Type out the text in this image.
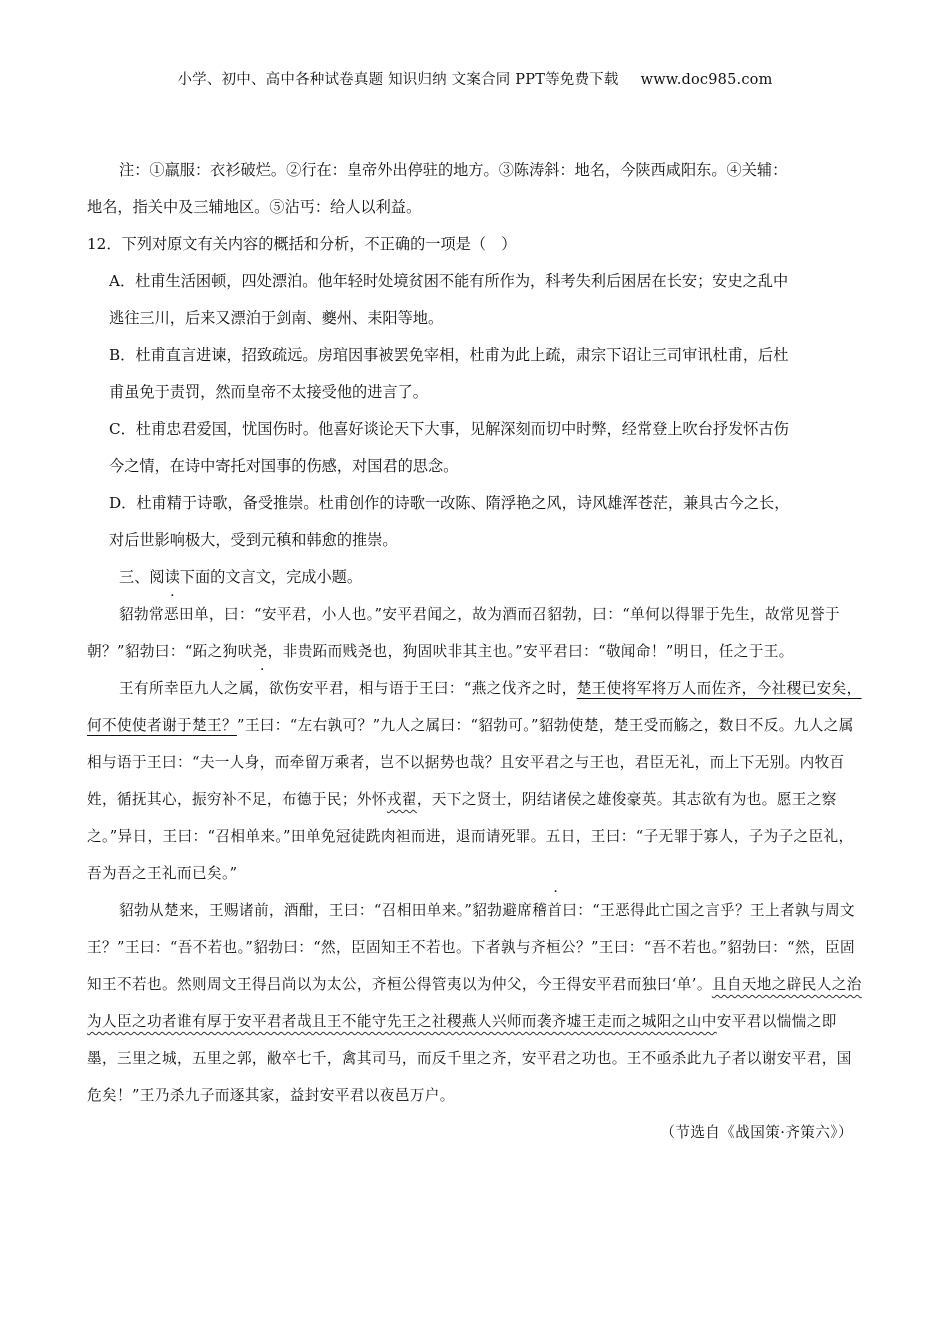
小学、初中、高中各种试卷真题 知识归纳 文案合同 PPT等免费下载 www.doc985.com

注：①羸服：衣衫破烂。②行在：皇帝外出停驻的地方。③陈涛斜：地名，今陕西咸阳东。④关辅：

地名，指关中及三辅地区。⑤沾丐：给人以利益。

12．下列对原文有关内容的概括和分析，不正确的一项是（　）

A．杜甫生活困顿，四处漂泊。他年轻时处境贫困不能有所作为，科考失利后困居在长安；安史之乱中

逃往三川，后来又漂泊于剑南、夔州、耒阳等地。

B．杜甫直言进谏，招致疏远。房琯因事被罢免宰相，杜甫为此上疏，肃宗下诏让三司审讯杜甫，后杜

甫虽免于责罚，然而皇帝不太接受他的进言了。

C．杜甫忠君爱国，忧国伤时。他喜好谈论天下大事，见解深刻而切中时弊，经常登上吹台抒发怀古伤

今之情，在诗中寄托对国事的伤感，对国君的思念。

D．杜甫精于诗歌，备受推崇。杜甫创作的诗歌一改陈、隋浮艳之风，诗风雄浑苍茫，兼具古今之长，

对后世影响极大，受到元稹和韩愈的推崇。

三、阅读下面的文言文，完成小题。

貂勃常恶田单，曰：“安平君，小人也。”安平君闻之，故为酒而召貂勃，曰：“单何以得罪于先生，故常见誉于朝？”貂勃曰：“跖之狗吠尧，非贵跖而贱尧也，狗固吠非其主也。”安平君曰：“敬闻命！”明日，任之于王。

王有所幸臣九人之属，欲伤安平君，相与语于王曰：“燕之伐齐之时，楚王使将军将万人而佐齐，今社稷已安矣，何不使使者谢于楚王？”王曰：“左右孰可？”九人之属曰：“貂勃可。”貂勃使楚，楚王受而觞之，数日不反。九人之属相与语于王曰：“夫一人身，而牵留万乘者，岂不以据势也哉？且安平君之与王也，君臣无礼，而上下无别。内牧百姓，循抚其心，振穷补不足，布德于民；外怀戎翟，天下之贤士，阴结诸侯之雄俊豪英。其志欲有为也。愿王之察之。”异日，王曰：“召相单来。”田单免冠徒跣肉袒而进，退而请死罪。五日，王曰：“子无罪于寡人，子为子之臣礼，吾为吾之王礼而已矣。”

貂勃从楚来，王赐诸前，酒酣，王曰：“召相田单来。”貂勃避席稽首曰：“王恶得此亡国之言乎？王上者孰与周文王？”王曰：“吾不若也。”貂勃曰：“然，臣固知王不若也。下者孰与齐桓公？”王曰：“吾不若也。”貂勃曰：“然，臣固知王不若也。然则周文王得吕尚以为太公，齐桓公得管夷以为仲父，今王得安平君而独曰‘单’。且自天地之辟民人之治为人臣之功者谁有厚于安平君者哉且王不能守先王之社稷燕人兴师而袭齐墟王走而之城阳之山中安平君以惴惴之即墨，三里之城，五里之郭，敝卒七千，禽其司马，而反千里之齐，安平君之功也。王不亟杀此九子者以谢安平君，国危矣！”王乃杀九子而逐其家，益封安平君以夜邑万户。

（节选自《战国策·齐策六》）
